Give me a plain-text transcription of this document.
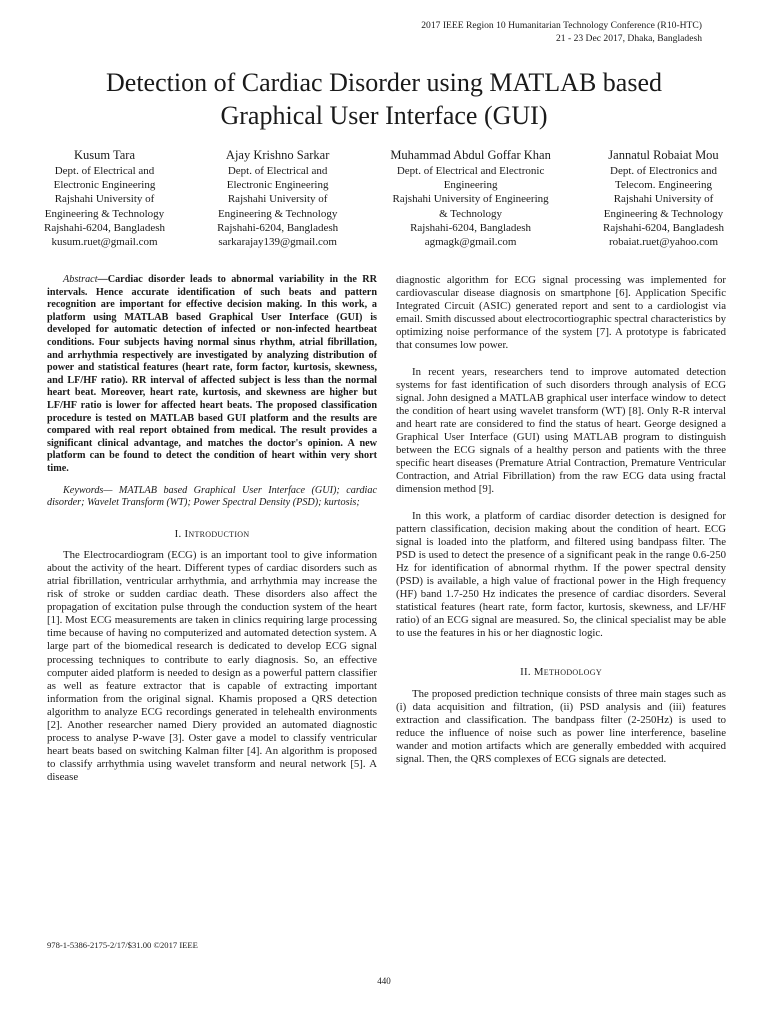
2017 IEEE Region 10 Humanitarian Technology Conference (R10-HTC)
21 - 23 Dec 2017, Dhaka, Bangladesh
Detection of Cardiac Disorder using MATLAB based
Graphical User Interface (GUI)
Kusum Tara
Dept. of Electrical and
Electronic Engineering
Rajshahi University of
Engineering & Technology
Rajshahi-6204, Bangladesh
kusum.ruet@gmail.com
Ajay Krishno Sarkar
Dept. of Electrical and
Electronic Engineering
Rajshahi University of
Engineering & Technology
Rajshahi-6204, Bangladesh
sarkarajay139@gmail.com
Muhammad Abdul Goffar Khan
Dept. of Electrical and Electronic
Engineering
Rajshahi University of Engineering
& Technology
Rajshahi-6204, Bangladesh
agmagk@gmail.com
Jannatul Robaiat Mou
Dept. of Electronics and
Telecom. Engineering
Rajshahi University of
Engineering & Technology
Rajshahi-6204, Bangladesh
robaiat.ruet@yahoo.com

Abstract—Cardiac disorder leads to abnormal variability in the RR intervals. Hence accurate identification of such beats and pattern recognition are important for effective decision making. In this work, a platform using MATLAB based Graphical User Interface (GUI) is developed for automatic detection of infected or non-infected heartbeat conditions. Four subjects having normal sinus rhythm, atrial fibrillation, and arrhythmia respectively are investigated by analyzing distribution of power and statistical features (heart rate, form factor, kurtosis, skewness, and LF/HF ratio). RR interval of affected subject is less than the normal heart beat. Moreover, heart rate, kurtosis, and skewness are higher but LF/HF ratio is lower for affected heart beats. The proposed classification procedure is tested on MATLAB based GUI platform and the results are compared with real report obtained from medical. The result provides a significant clinical advantage, and matches the doctor's opinion. A new platform can be found to detect the condition of heart within very short time.

Keywords— MATLAB based Graphical User Interface (GUI); cardiac disorder; Wavelet Transform (WT); Power Spectral Density (PSD); kurtosis;

I. Introduction

The Electrocardiogram (ECG) is an important tool to give information about the activity of the heart. Different types of cardiac disorders such as atrial fibrillation, ventricular arrhythmia, and arrhythmia may increase the risk of stroke or sudden cardiac death. These disorders also affect the propagation of excitation pulse through the conduction system of the heart [1]. Most ECG measurements are taken in clinics requiring large processing time because of having no computerized and automated detection system. A large part of the biomedical research is dedicated to develop ECG signal processing techniques to contribute to early diagnosis. So, an effective computer aided platform is needed to design as a powerful pattern classifier as well as feature extractor that is capable of extracting important information from the original signal. Khamis proposed a QRS detection algorithm to analyze ECG recordings generated in telehealth environments [2]. Another researcher named Diery provided an automated diagnostic process to analyse P-wave [3]. Oster gave a model to classify ventricular heart beats based on switching Kalman filter [4]. An algorithm is proposed to classify arrhythmia using wavelet transform and neural network [5]. A disease

diagnostic algorithm for ECG signal processing was implemented for cardiovascular disease diagnosis on smartphone [6]. Application Specific Integrated Circuit (ASIC) generated report and sent to a cardiologist via email. Smith discussed about electrocortiographic spectral characteristics by optimizing noise performance of the system [7]. A prototype is fabricated that consumes low power.

In recent years, researchers tend to improve automated detection systems for fast identification of such disorders through analysis of ECG signal. John designed a MATLAB graphical user interface window to detect the condition of heart using wavelet transform (WT) [8]. Only R-R interval and heart rate are considered to find the status of heart. George designed a Graphical User Interface (GUI) using MATLAB program to distinguish between the ECG signals of a healthy person and patients with the three specific heart diseases (Premature Atrial Contraction, Premature Ventricular Contraction, and Atrial Fibrillation) from the raw ECG data using fractal dimension method [9].

In this work, a platform of cardiac disorder detection is designed for pattern classification, decision making about the condition of heart. ECG signal is loaded into the platform, and filtered using bandpass filter. The PSD is used to detect the presence of a significant peak in the range 0.6-250 Hz for identification of abnormal rhythm. If the power spectral density (PSD) is available, a high value of fractional power in the High frequency (HF) band 1.7-250 Hz indicates the presence of cardiac disorders. Several statistical features (heart rate, form factor, kurtosis, skewness, and LF/HF ratio) of an ECG signal are measured. So, the clinical specialist may be able to use the features in his or her diagnostic logic.

II. Methodology

The proposed prediction technique consists of three main stages such as (i) data acquisition and filtration, (ii) PSD analysis and (iii) features extraction and classification. The bandpass filter (2-250Hz) is used to reduce the influence of noise such as power line interference, baseline wander and motion artifacts which are generally embedded with acquired signal. Then, the QRS complexes of ECG signals are detected.

978-1-5386-2175-2/17/$31.00 ©2017 IEEE
440
